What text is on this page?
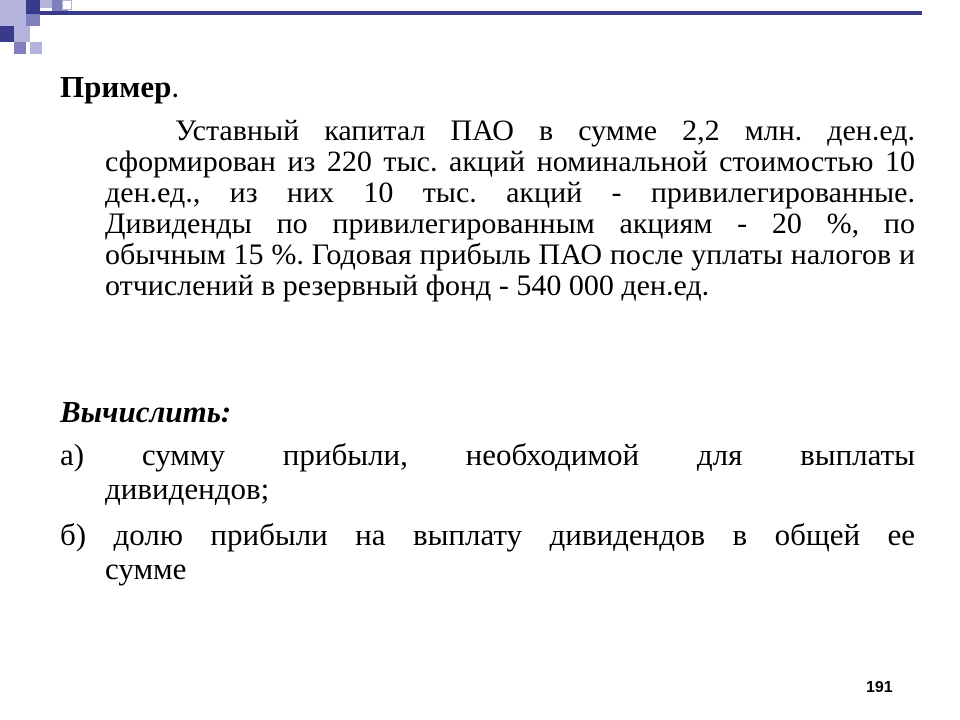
Пример.
Уставный капитал ПАО в сумме 2,2 млн. ден.ед. сформирован из 220 тыс. акций номинальной стоимостью 10 ден.ед., из них 10 тыс. акций - привилегированные. Дивиденды по привилегированным акциям - 20 %, по обычным 15 %. Годовая прибыль ПАО после уплаты налогов и отчислений в резервный фонд - 540 000 ден.ед.
Вычислить:
а) сумму прибыли, необходимой для выплаты
дивидендов;
б) долю прибыли на выплату дивидендов в общей ее
сумме
191
